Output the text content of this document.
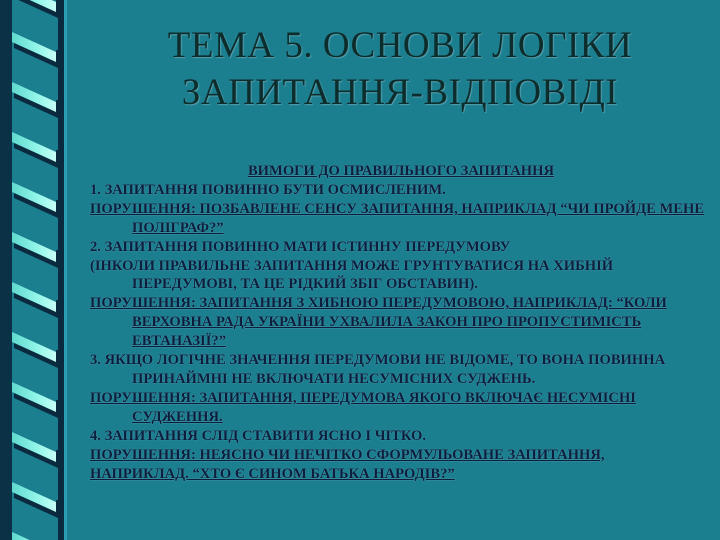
ТЕМА 5. ОСНОВИ ЛОГІКИ
ЗАПИТАННЯ-ВІДПОВІДІ

ВИМОГИ ДО ПРАВИЛЬНОГО ЗАПИТАННЯ

1. ЗАПИТАННЯ ПОВИННО БУТИ ОСМИСЛЕНИМ.

ПОРУШЕННЯ: ПОЗБАВЛЕНЕ СЕНСУ ЗАПИТАННЯ, НАПРИКЛАД “ЧИ ПРОЙДЕ МЕНЕ ПОЛІГРАФ?”

2. ЗАПИТАННЯ ПОВИННО МАТИ ІСТИННУ ПЕРЕДУМОВУ

(ІНКОЛИ ПРАВИЛЬНЕ ЗАПИТАННЯ МОЖЕ ГРУНТУВАТИСЯ НА ХИБНІЙ ПЕРЕДУМОВІ, ТА ЦЕ РІДКИЙ ЗБІГ ОБСТАВИН).

ПОРУШЕННЯ: ЗАПИТАННЯ З ХИБНОЮ ПЕРЕДУМОВОЮ, НАПРИКЛАД: “КОЛИ ВЕРХОВНА РАДА УКРАЇНИ УХВАЛИЛА ЗАКОН ПРО ПРОПУСТИМІСТЬ ЕВТАНАЗІЇ?”

3. ЯКЩО ЛОГІЧНЕ ЗНАЧЕННЯ ПЕРЕДУМОВИ НЕ ВІДОМЕ, ТО ВОНА ПОВИННА ПРИНАЙМНІ НЕ ВКЛЮЧАТИ НЕСУМІСНИХ СУДЖЕНЬ.

ПОРУШЕННЯ: ЗАПИТАННЯ, ПЕРЕДУМОВА ЯКОГО ВКЛЮЧАЄ НЕСУМІСНІ СУДЖЕННЯ.

4. ЗАПИТАННЯ СЛІД СТАВИТИ ЯСНО І ЧІТКО.

ПОРУШЕННЯ: НЕЯСНО ЧИ НЕЧІТКО СФОРМУЛЬОВАНЕ ЗАПИТАННЯ,

НАПРИКЛАД. “ХТО Є СИНОМ БАТЬКА НАРОДІВ?”
